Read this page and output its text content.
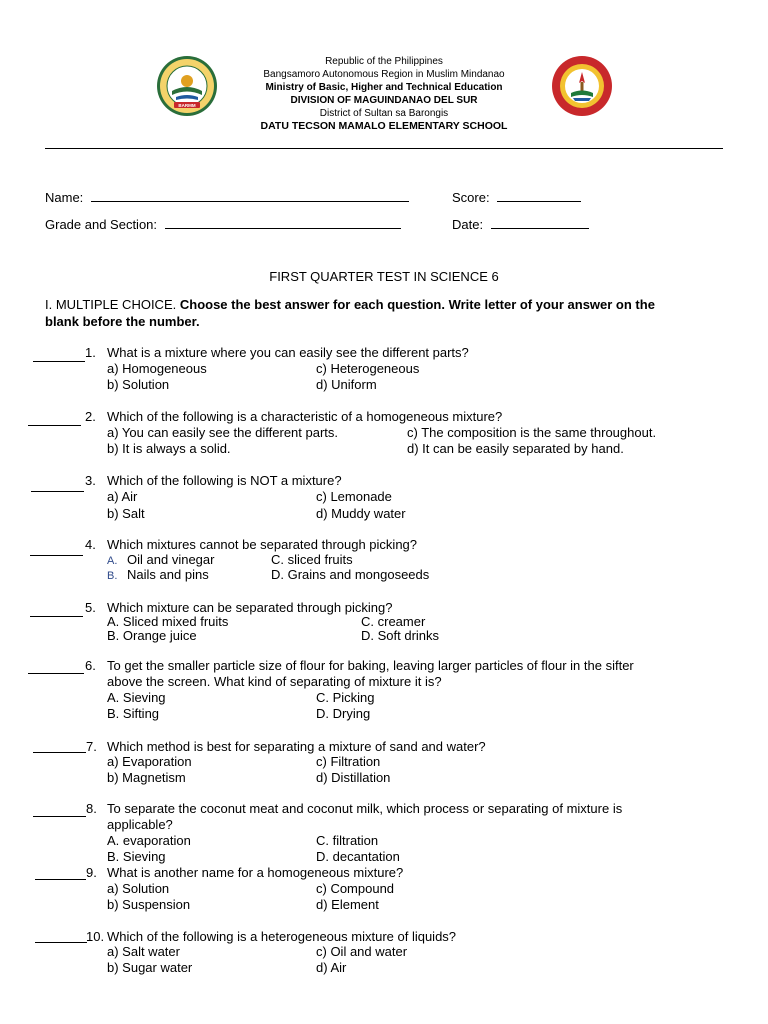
BARMM
Republic of the Philippines
Bangsamoro Autonomous Region in Muslim Mindanao
Ministry of Basic, Higher and Technical Education
DIVISION OF MAGUINDANAO DEL SUR
District of Sultan sa Barongis
DATU TECSON MAMALO ELEMENTARY SCHOOL
Name:	Score:
Grade and Section:	Date:
FIRST QUARTER TEST IN SCIENCE 6
I. MULTIPLE CHOICE. Choose the best answer for each question. Write letter of your answer on the
blank before the number.
1. What is a mixture where you can easily see the different parts?
a) Homogeneous
b) Solution
c) Heterogeneous
d) Uniform
2. Which of the following is a characteristic of a homogeneous mixture?
a) You can easily see the different parts.
b) It is always a solid.
c) The composition is the same throughout.
d) It can be easily separated by hand.
3. Which of the following is NOT a mixture?
a) Air
b) Salt
c) Lemonade
d) Muddy water
4. Which mixtures cannot be separated through picking?
A. Oil and vinegar
B. Nails and pins
C. sliced fruits
D. Grains and mongoseeds
5. Which mixture can be separated through picking?
A. Sliced mixed fruits
B. Orange juice
C. creamer
D. Soft drinks
6. To get the smaller particle size of flour for baking, leaving larger particles of flour in the sifter
above the screen. What kind of separating of mixture it is?
A. Sieving
B. Sifting
C. Picking
D. Drying
7. Which method is best for separating a mixture of sand and water?
a) Evaporation
b) Magnetism
c) Filtration
d) Distillation
8. To separate the coconut meat and coconut milk, which process or separating of mixture is
applicable?
A. evaporation
B. Sieving
C. filtration
D. decantation
9. What is another name for a homogeneous mixture?
a) Solution
b) Suspension
c) Compound
d) Element
10. Which of the following is a heterogeneous mixture of liquids?
a) Salt water
b) Sugar water
c) Oil and water
d) Air
